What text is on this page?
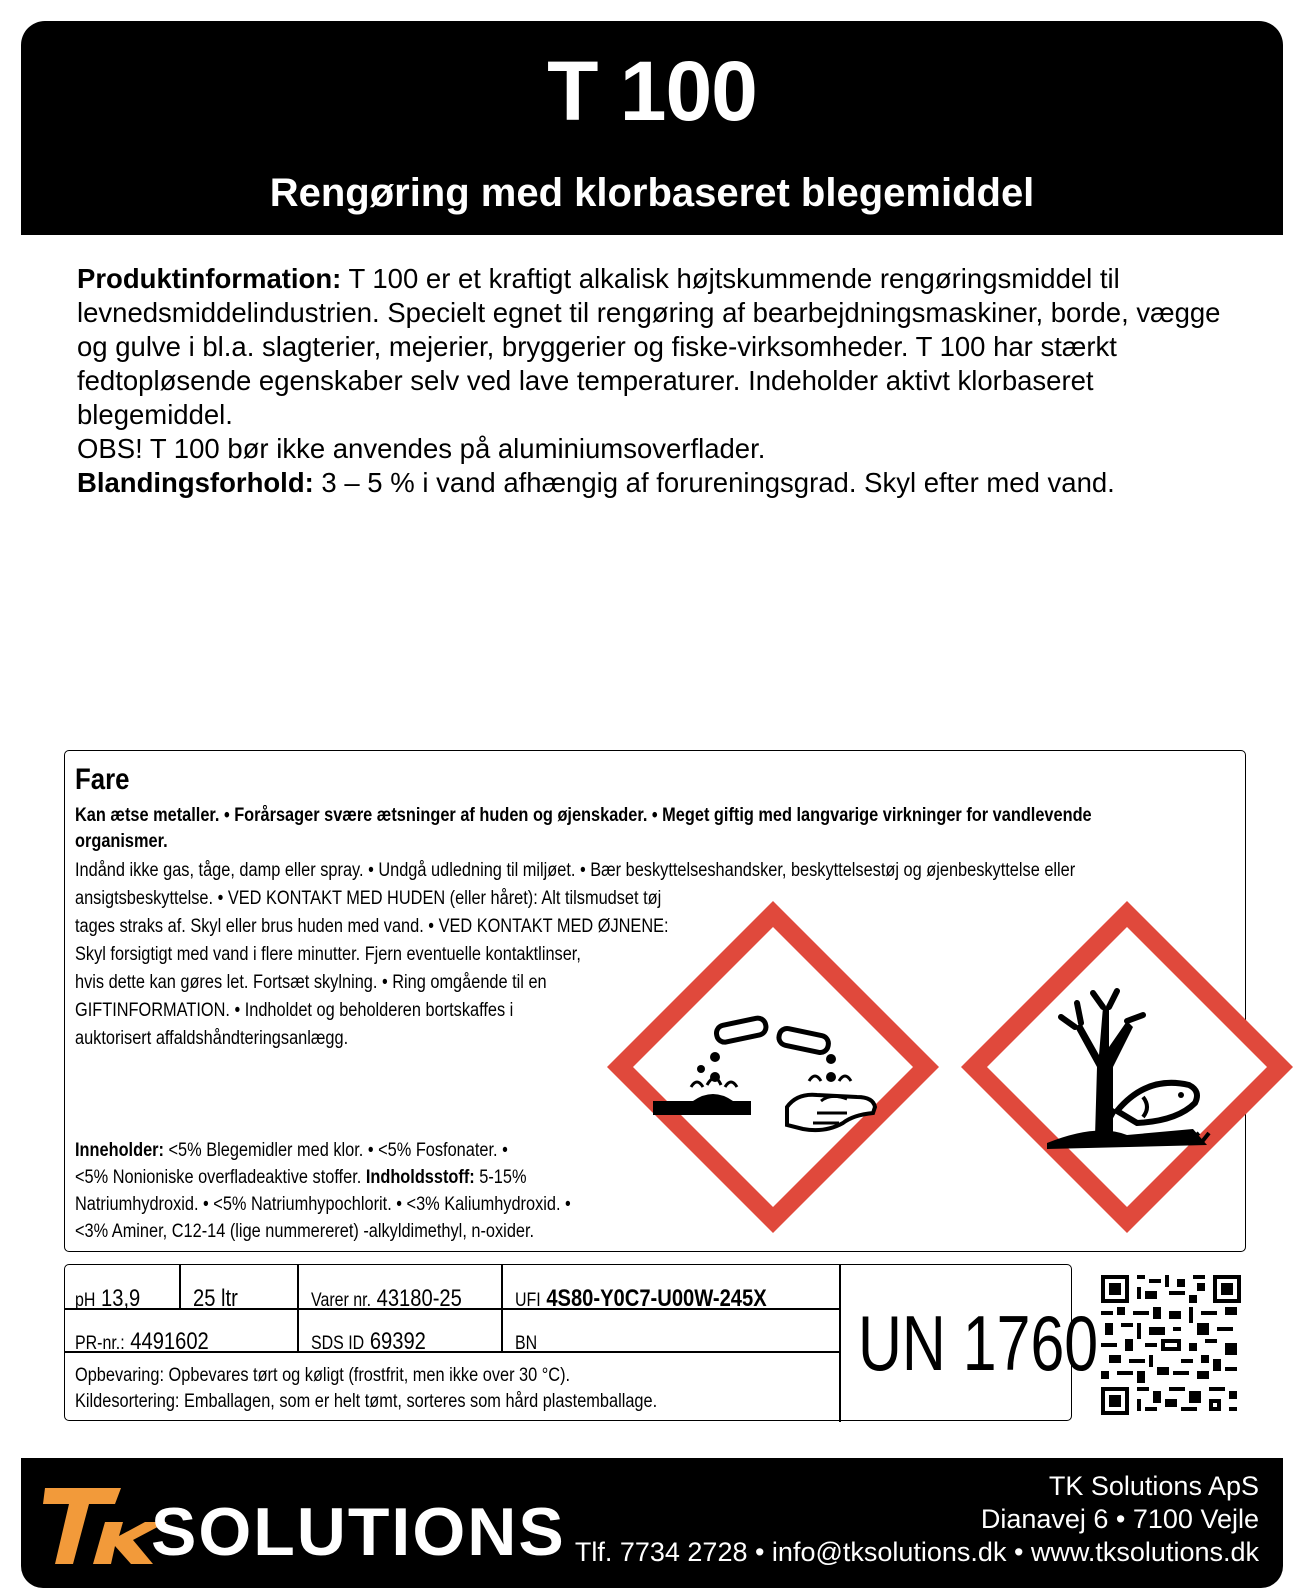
T 100
Rengøring med klorbaseret blegemiddel

Produktinformation: T 100 er et kraftigt alkalisk højtskummende rengøringsmiddel til levnedsmiddelindustrien. Specielt egnet til rengøring af bearbejdningsmaskiner, borde, vægge og gulve i bl.a. slagterier, mejerier, bryggerier og fiske-virksomheder. T 100 har stærkt fedtopløsende egenskaber selv ved lave temperaturer. Indeholder aktivt klorbaseret blegemiddel.

OBS! T 100 bør ikke anvendes på aluminiumsoverflader.

Blandingsforhold: 3 – 5 % i vand afhængig af forureningsgrad. Skyl efter med vand.

Fare
Kan ætse metaller. • Forårsager svære ætsninger af huden og øjenskader. • Meget giftig med langvarige virkninger for vandlevende organismer.
Indånd ikke gas, tåge, damp eller spray. • Undgå udledning til miljøet. • Bær beskyttelseshandsker, beskyttelsestøj og øjenbeskyttelse eller
ansigtsbeskyttelse. • VED KONTAKT MED HUDEN (eller håret): Alt tilsmudset tøj
tages straks af. Skyl eller brus huden med vand. • VED KONTAKT MED ØJNENE:
Skyl forsigtigt med vand i flere minutter. Fjern eventuelle kontaktlinser,
hvis dette kan gøres let. Fortsæt skylning. • Ring omgående til en
GIFTINFORMATION. • Indholdet og beholderen bortskaffes i
auktorisert affaldshåndteringsanlægg.
Inneholder: <5% Blegemidler med klor. • <5% Fosfonater. •
<5% Nonioniske overfladeaktive stoffer. Indholdsstoff: 5-15%
Natriumhydroxid. • <5% Natriumhypochlorit. • <3% Kaliumhydroxid. •
<3% Aminer, C12-14 (lige nummereret) -alkyldimethyl, n-oxider.
pH 13,9 25 ltr	Varer nr. 43180-25	UFI 4S80-Y0C7-U00W-245X
PR-nr.: 4491602	SDS ID 69392	BN
Opbevaring: Opbevares tørt og køligt (frostfrit, men ikke over 30 °C).
Kildesortering: Emballagen, som er helt tømt, sorteres som hård plastemballage.
UN 1760
SOLUTIONS
TK Solutions ApS
Dianavej 6 • 7100 Vejle
Tlf. 7734 2728 • info@tksolutions.dk • www.tksolutions.dk
